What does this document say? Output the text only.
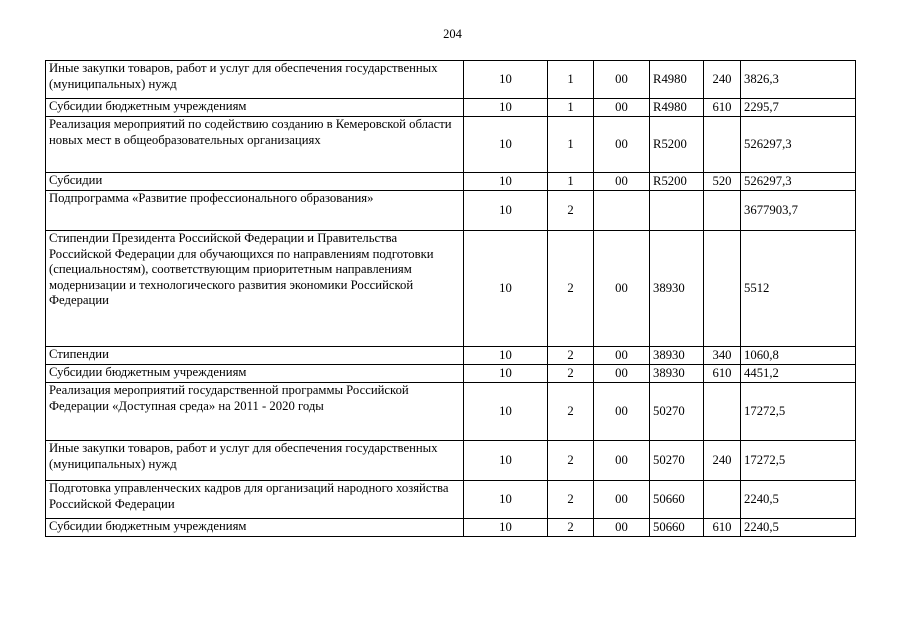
204
Иные закупки товаров, работ и услуг для обеспечения государственных (муниципальных) нужд	10	1	00	R4980	240	3826,3
Субсидии бюджетным учреждениям	10	1	00	R4980	610	2295,7
Реализация мероприятий по содействию созданию в Кемеровской области новых мест в общеобразовательных организациях	10	1	00	R5200		526297,3
Субсидии	10	1	00	R5200	520	526297,3
Подпрограмма «Развитие профессионального образования»	10	2				3677903,7
Стипендии Президента Российской Федерации и Правительства Российской Федерации для обучающихся по направлениям подготовки (специальностям), соответствующим приоритетным направлениям модернизации и технологического развития экономики Российской Федерации	10	2	00	38930		5512
Стипендии	10	2	00	38930	340	1060,8
Субсидии бюджетным учреждениям	10	2	00	38930	610	4451,2
Реализация мероприятий государственной программы Российской Федерации «Доступная среда» на 2011 - 2020 годы	10	2	00	50270		17272,5
Иные закупки товаров, работ и услуг для обеспечения государственных (муниципальных) нужд	10	2	00	50270	240	17272,5
Подготовка управленческих кадров для организаций народного хозяйства Российской Федерации	10	2	00	50660		2240,5
Субсидии бюджетным учреждениям	10	2	00	50660	610	2240,5
